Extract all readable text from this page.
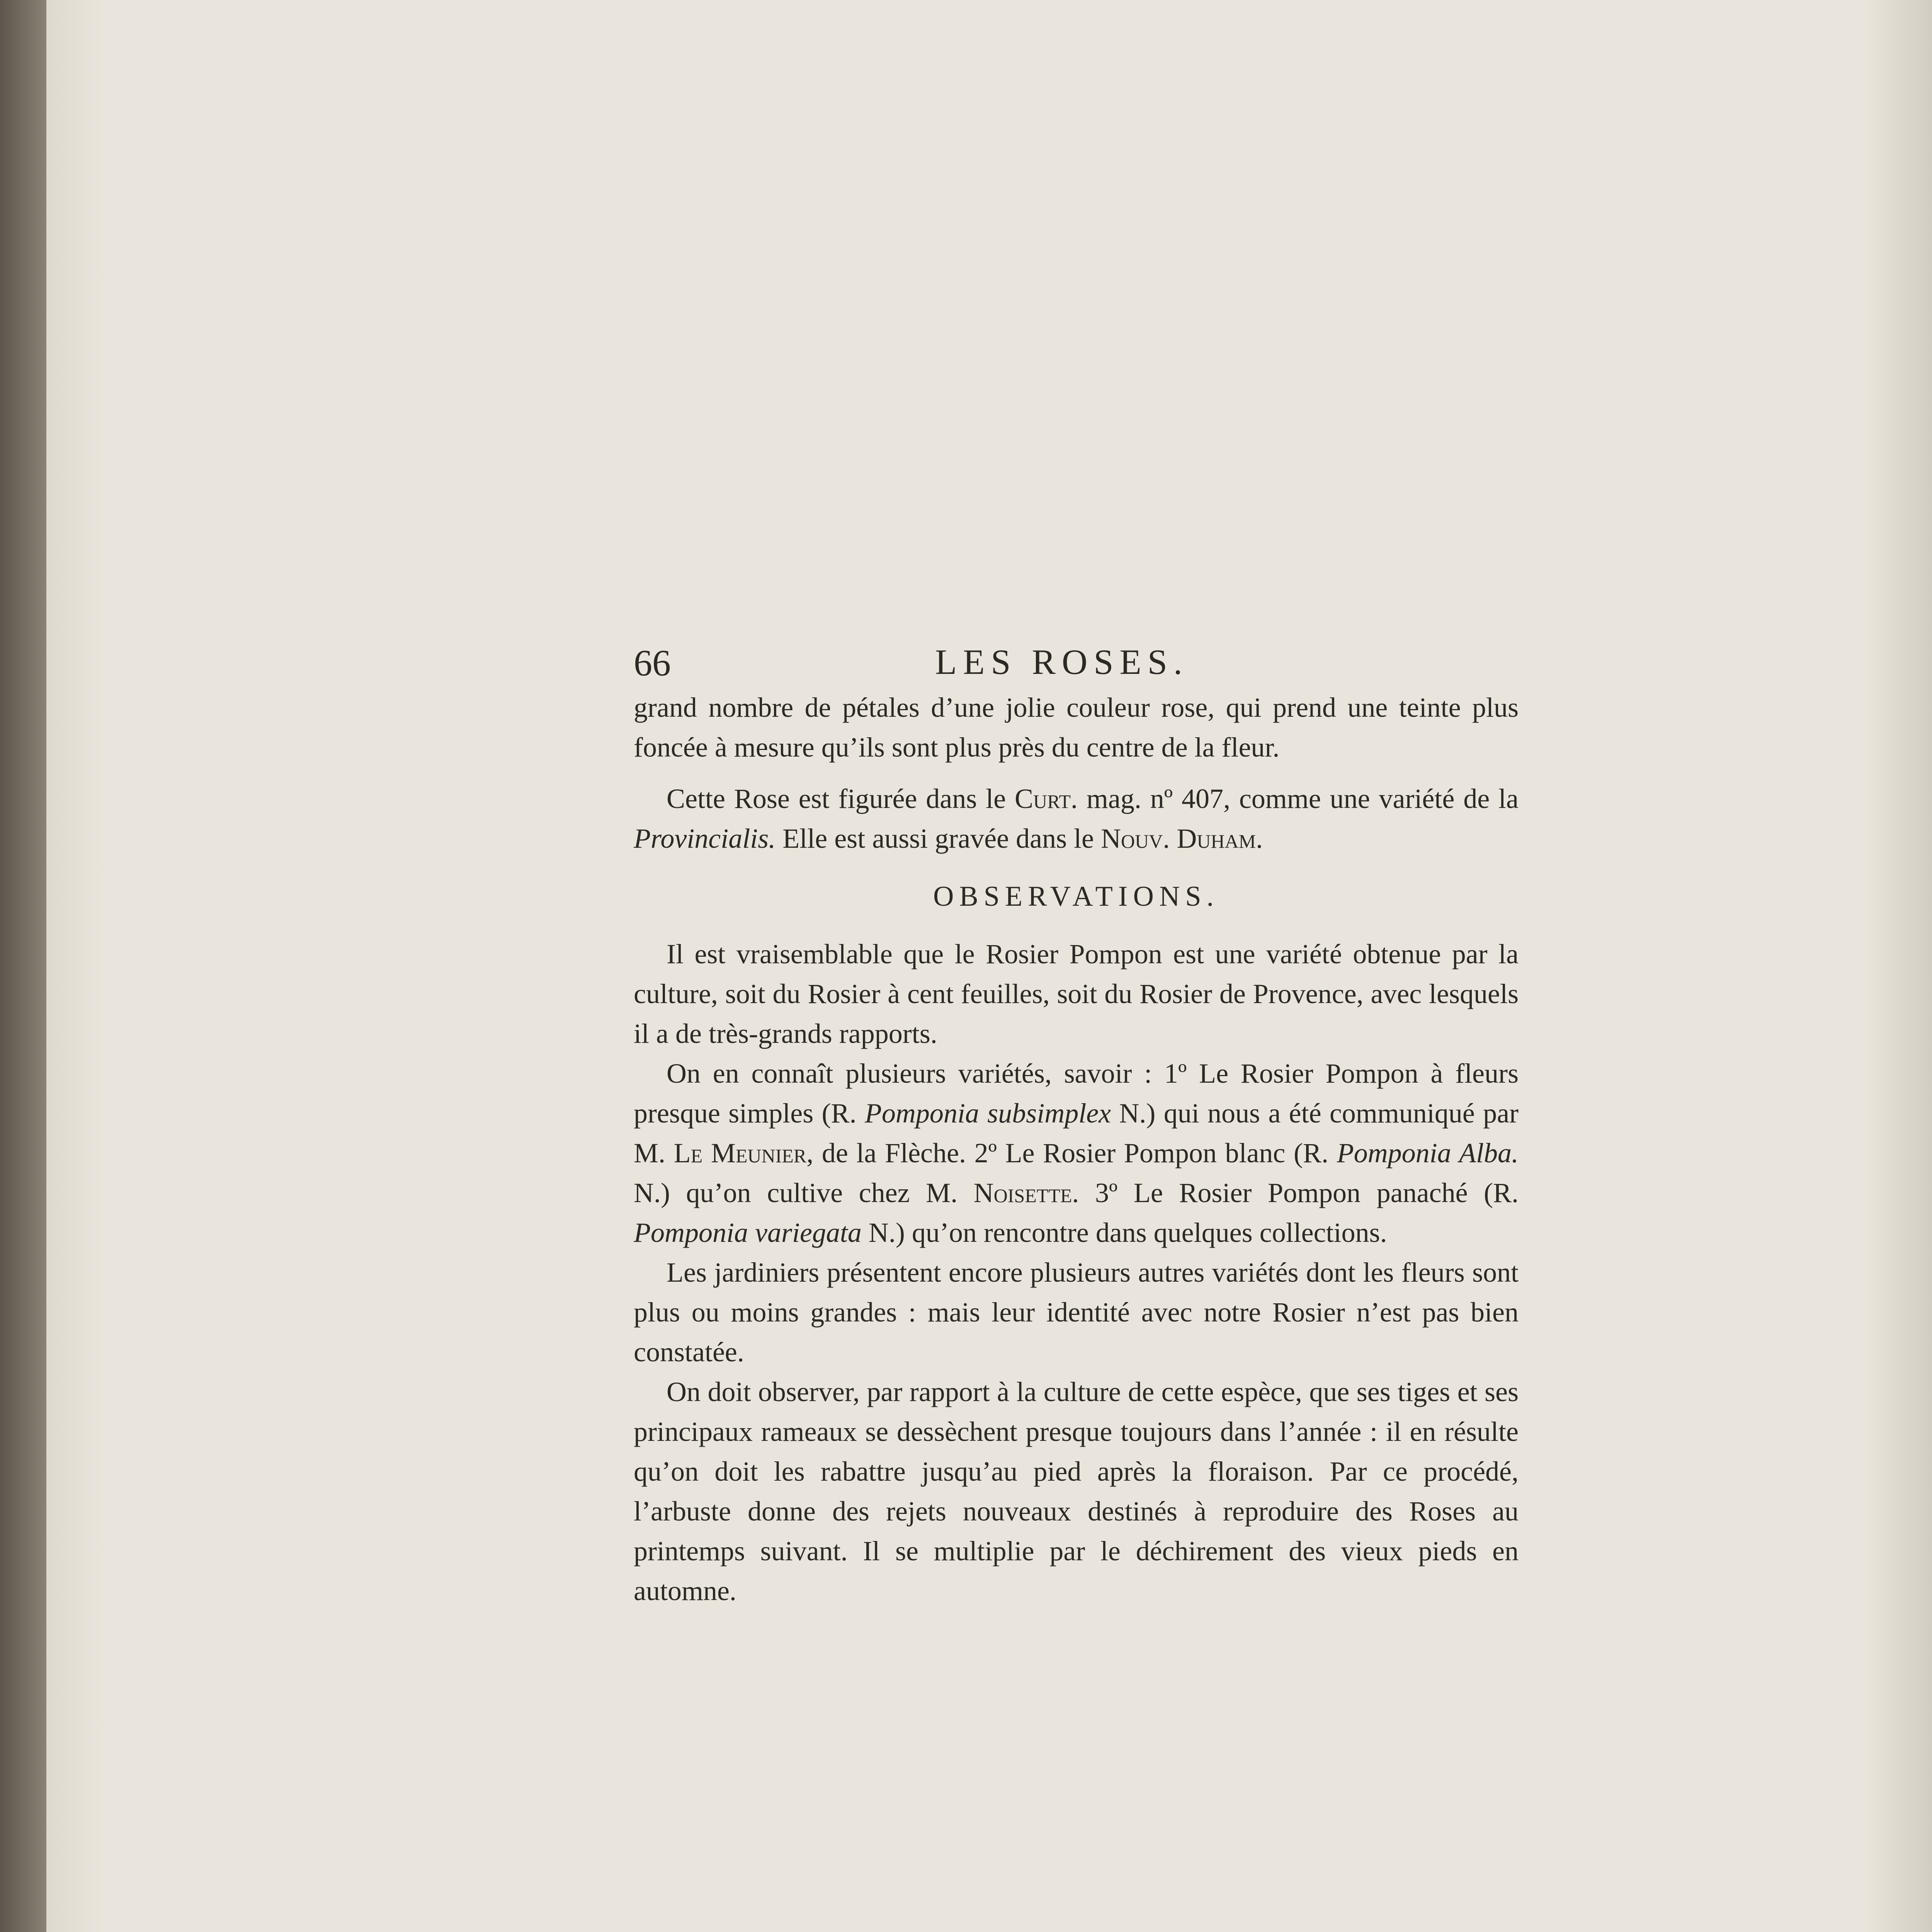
66	LES ROSES.

grand nombre de pétales d’une jolie couleur rose, qui prend une teinte plus foncée à mesure qu’ils sont plus près du centre de la fleur.

Cette Rose est figurée dans le Curt. mag. nº 407, comme une variété de la Provincialis. Elle est aussi gravée dans le Nouv. Duham.

OBSERVATIONS.

Il est vraisemblable que le Rosier Pompon est une variété obtenue par la culture, soit du Rosier à cent feuilles, soit du Rosier de Provence, avec lesquels il a de très-grands rapports.

On en connaît plusieurs variétés, savoir : 1º Le Rosier Pompon à fleurs presque simples (R. Pomponia subsimplex N.) qui nous a été communiqué par M. Le Meunier, de la Flèche. 2º Le Rosier Pompon blanc (R. Pomponia Alba. N.) qu’on cultive chez M. Noisette. 3º Le Rosier Pompon panaché (R. Pomponia variegata N.) qu’on rencontre dans quelques collections.

Les jardiniers présentent encore plusieurs autres variétés dont les fleurs sont plus ou moins grandes : mais leur identité avec notre Rosier n’est pas bien constatée.

On doit observer, par rapport à la culture de cette espèce, que ses tiges et ses principaux rameaux se dessèchent presque toujours dans l’année : il en résulte qu’on doit les rabattre jusqu’au pied après la floraison. Par ce procédé, l’arbuste donne des rejets nouveaux destinés à reproduire des Roses au printemps suivant. Il se multiplie par le déchirement des vieux pieds en automne.
